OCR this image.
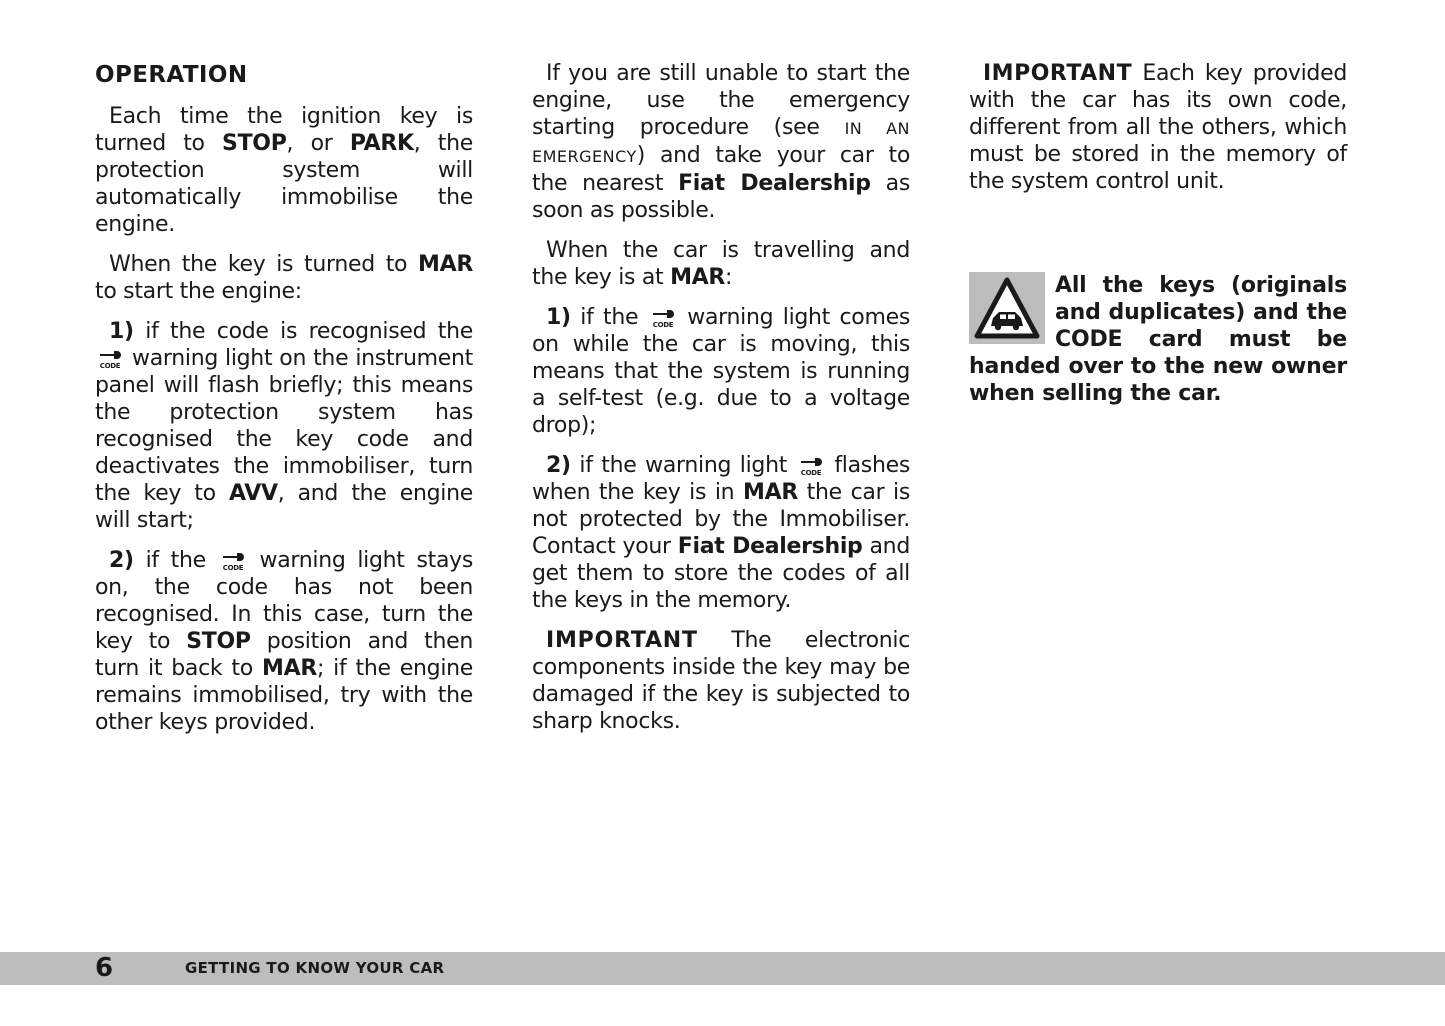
OPERATION

Each time the ignition key is turned to STOP, or PARK, the protection system will automatically immobilise the engine.

When the key is turned to MAR to start the engine:

1) if the code is recognised the
CODE warning light on the instrument panel will flash briefly; this means the protection system has recognised the key code and deactivates the immobiliser, turn the key to AVV, and the engine will start;

2) if the CODE warning light stays on, the code has not been recognised. In this case, turn the key to STOP position and then turn it back to MAR; if the engine remains immobilised, try with the other keys provided.

If you are still unable to start the engine, use the emergency starting procedure (see IN AN EMERGENCY) and take your car to the nearest Fiat Dealership as soon as possible.

When the car is travelling and the key is at MAR:

1) if the CODE warning light comes on while the car is moving, this means that the system is running a self-test (e.g. due to a voltage drop);

2) if the warning light CODE flashes when the key is in MAR the car is not protected by the Immobiliser. Contact your Fiat Dealership and get them to store the codes of all the keys in the memory.

IMPORTANT The electronic components inside the key may be damaged if the key is subjected to sharp knocks.

IMPORTANT Each key provided with the car has its own code, different from all the others, which must be stored in the memory of the system control unit.

All the keys (originals and duplicates) and the CODE card must be handed over to the new owner when selling the car.
6	GETTING TO KNOW YOUR CAR
